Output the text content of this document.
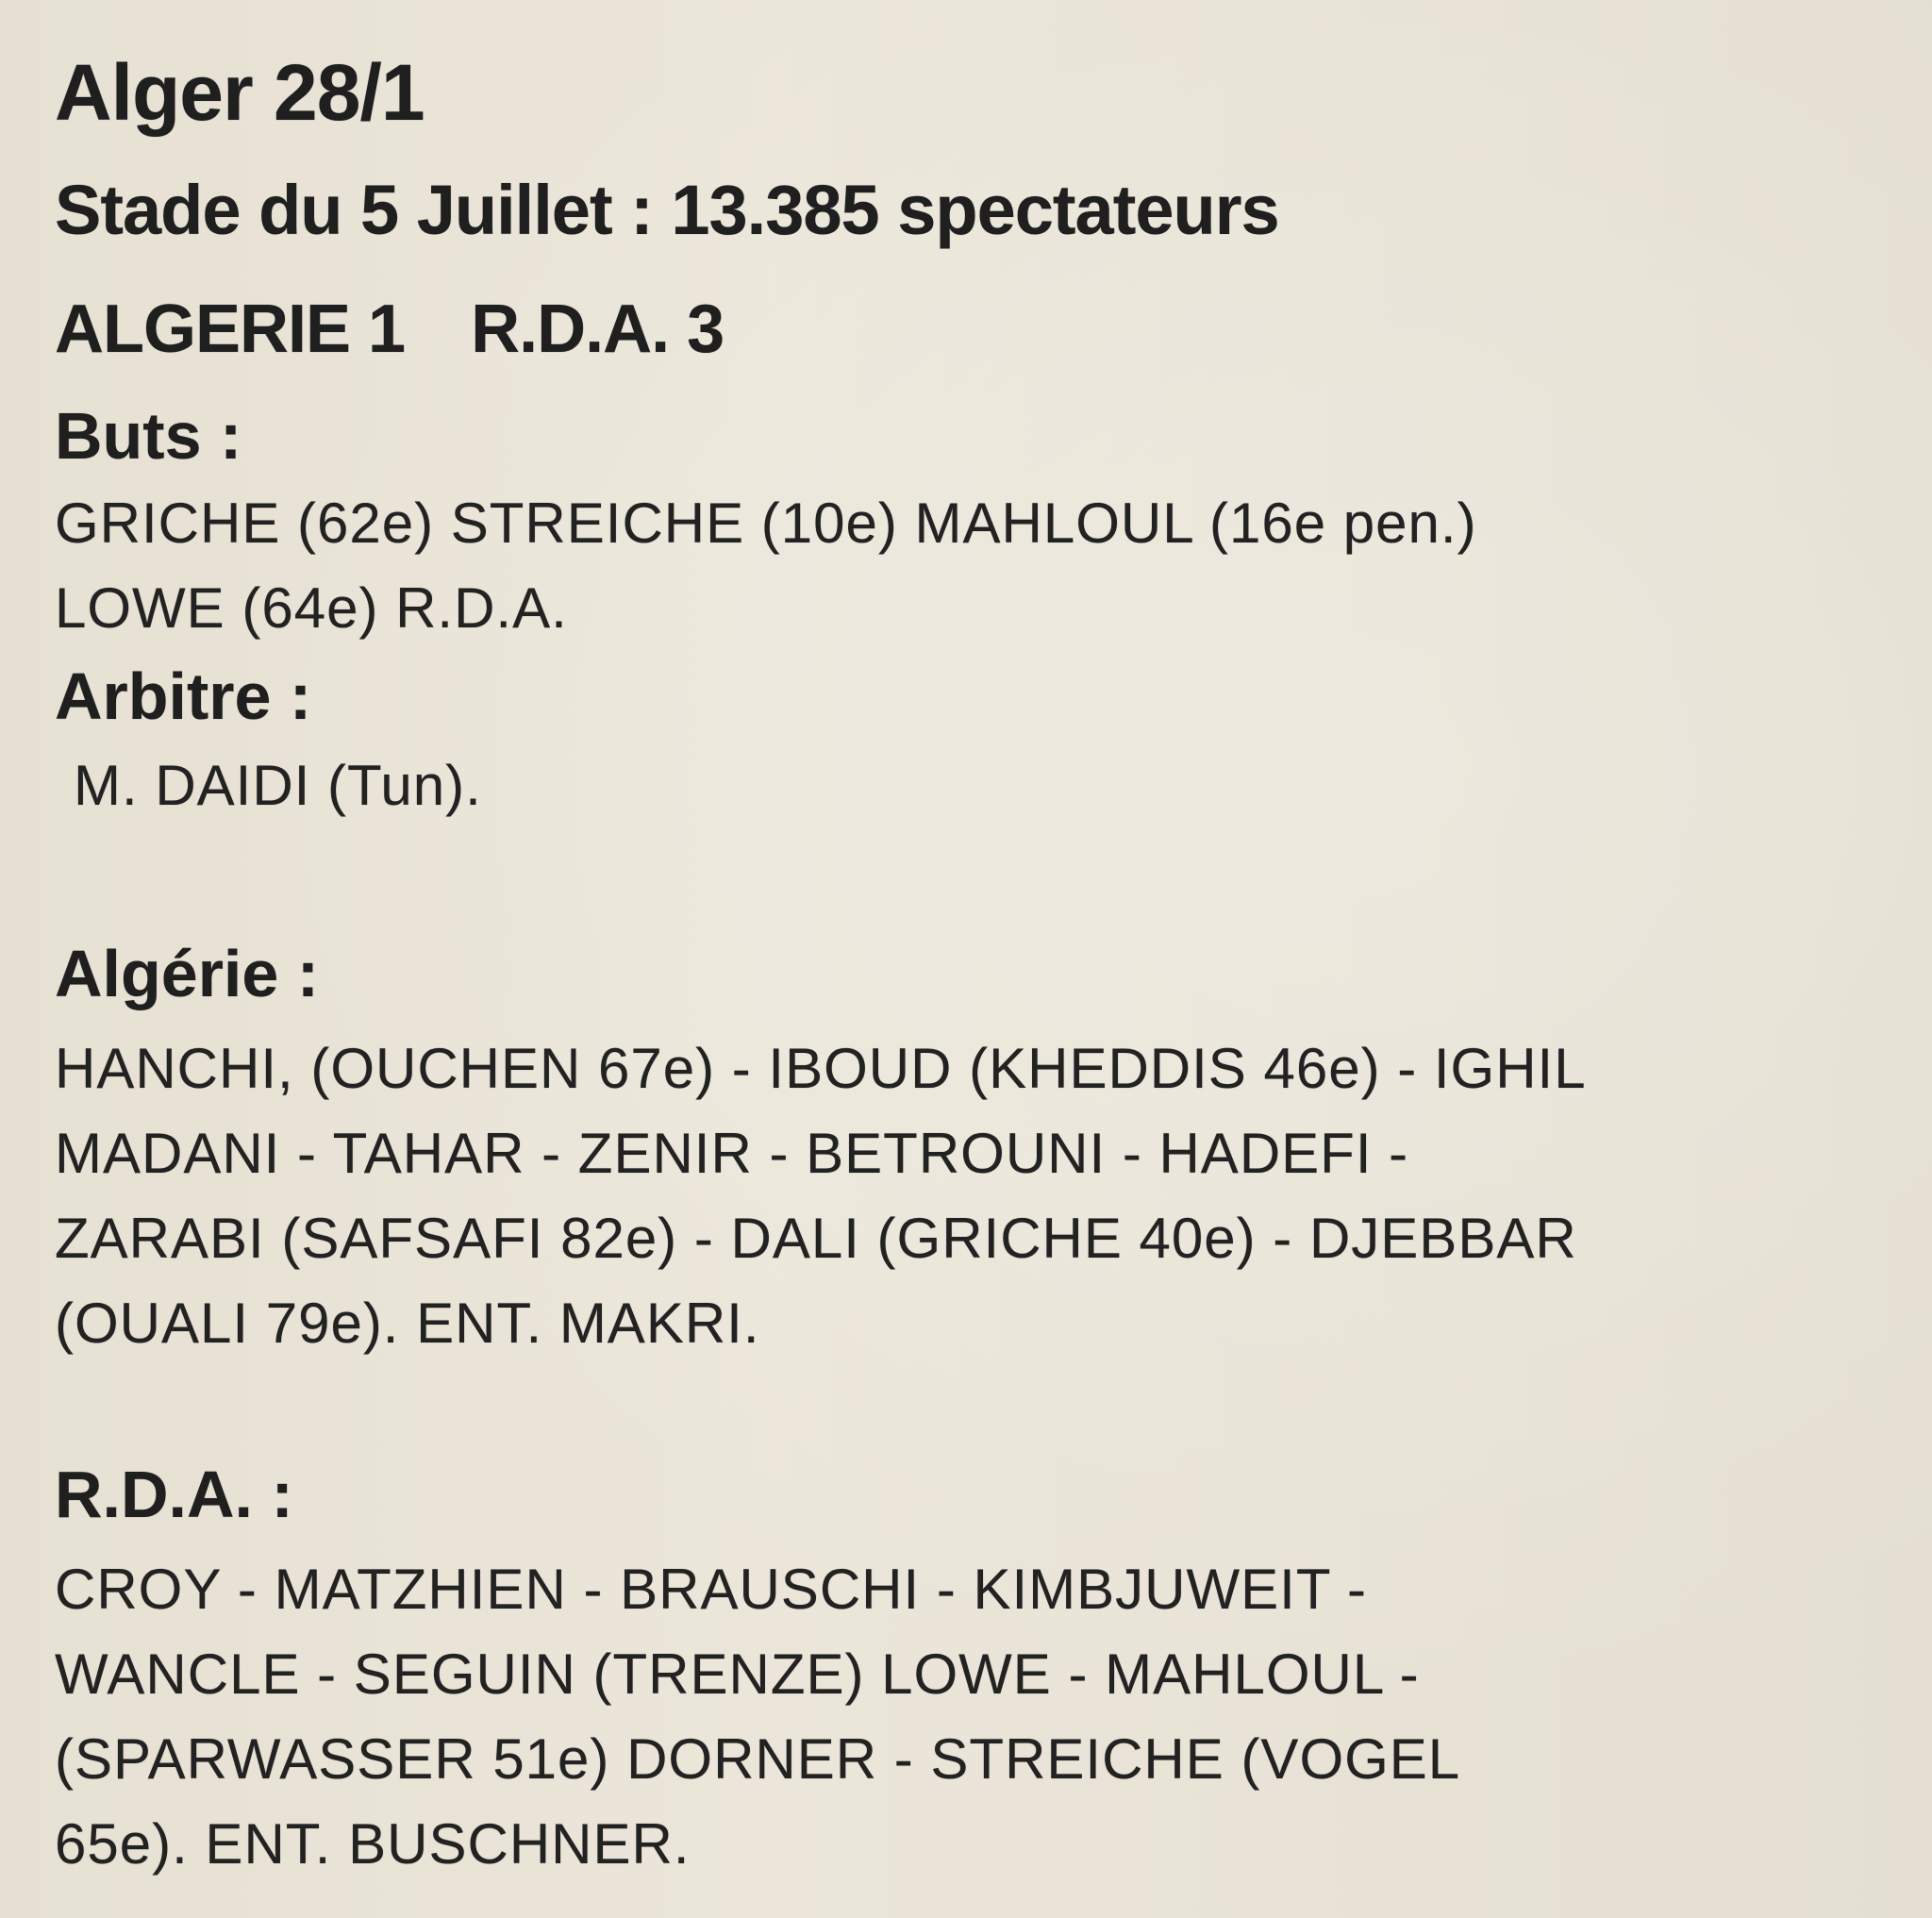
Alger 28/1
Stade du 5 Juillet : 13.385 spectateurs
ALGERIE 1 R.D.A. 3
Buts :
GRICHE (62e) STREICHE (10e) MAHLOUL (16e pen.)
LOWE (64e) R.D.A.
Arbitre :
M. DAIDI (Tun).
Algérie :
HANCHI, (OUCHEN 67e) - IBOUD (KHEDDIS 46e) - IGHIL
MADANI - TAHAR - ZENIR - BETROUNI - HADEFI -
ZARABI (SAFSAFI 82e) - DALI (GRICHE 40e) - DJEBBAR
(OUALI 79e). ENT. MAKRI.
R.D.A. :
CROY - MATZHIEN - BRAUSCHI - KIMBJUWEIT -
WANCLE - SEGUIN (TRENZE) LOWE - MAHLOUL -
(SPARWASSER 51e) DORNER - STREICHE (VOGEL
65e). ENT. BUSCHNER.
